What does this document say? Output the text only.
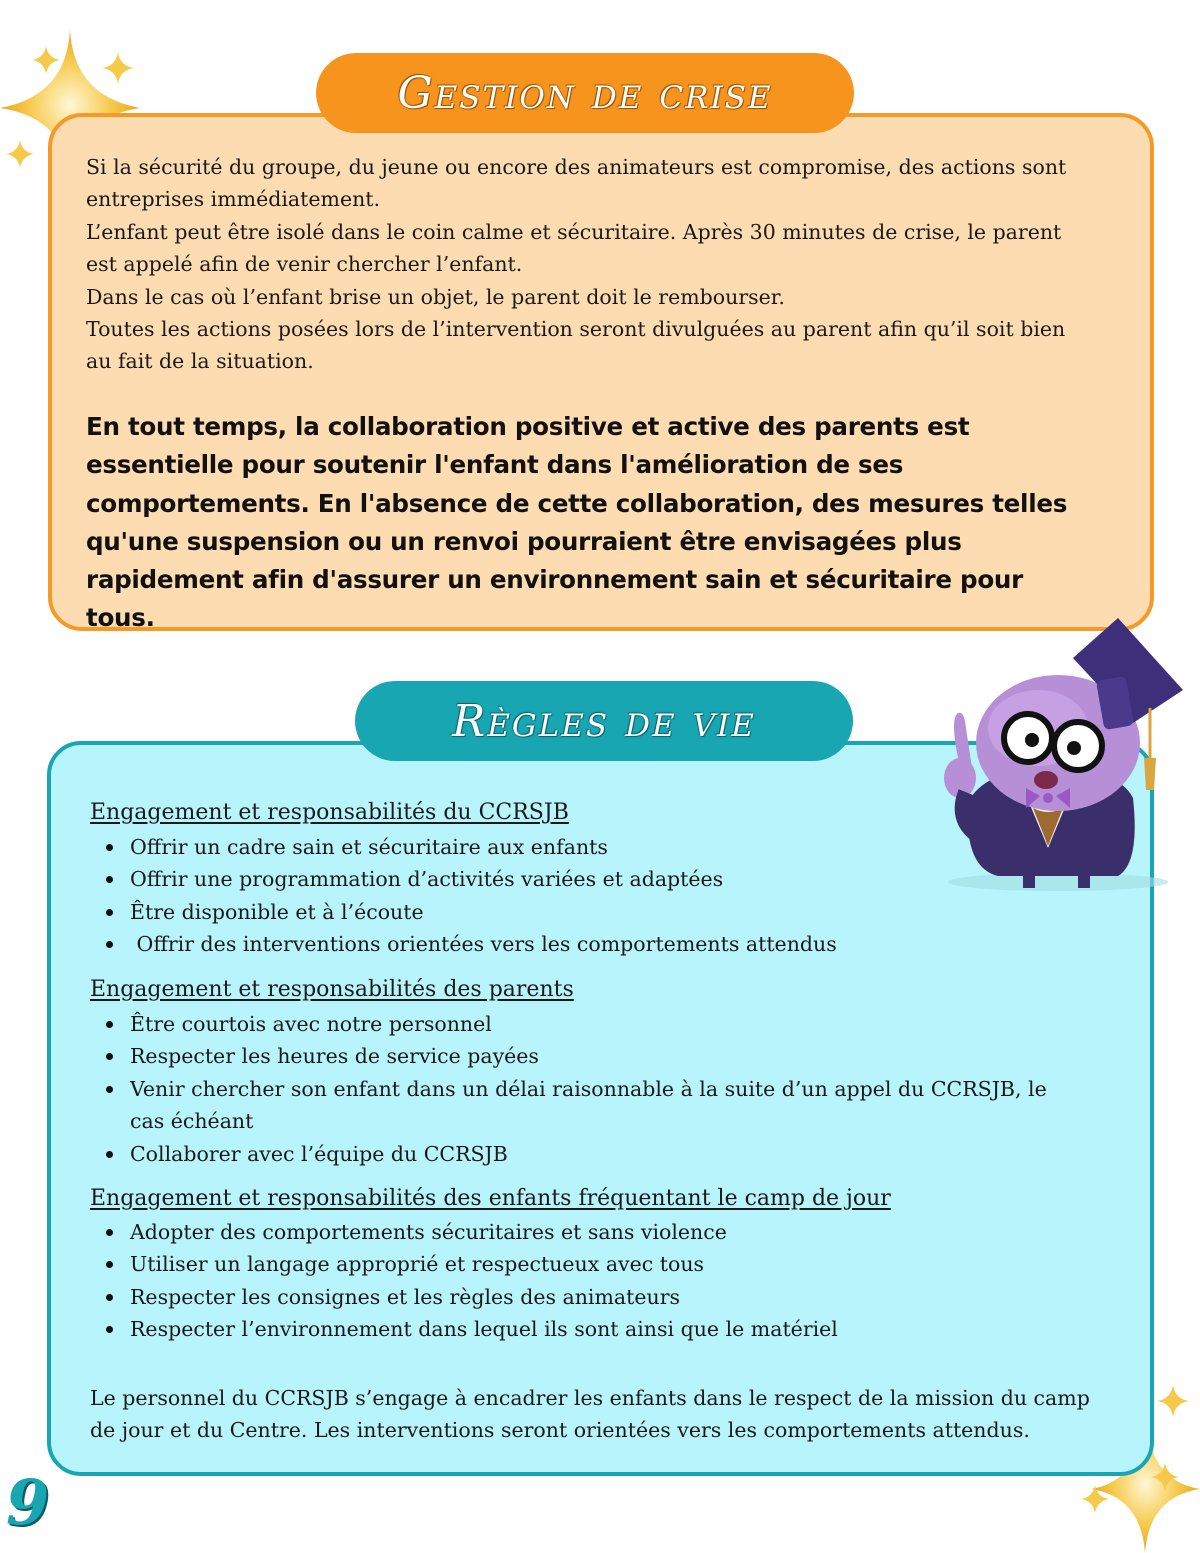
Gestion de crise

Si la sécurité du groupe, du jeune ou encore des animateurs est compromise, des actions sont entreprises immédiatement.

L’enfant peut être isolé dans le coin calme et sécuritaire. Après 30 minutes de crise, le parent est appelé afin de venir chercher l’enfant.

Dans le cas où l’enfant brise un objet, le parent doit le rembourser.

Toutes les actions posées lors de l’intervention seront divulguées au parent afin qu’il soit bien au fait de la situation.

En tout temps, la collaboration positive et active des parents est essentielle pour soutenir l'enfant dans l'amélioration de ses comportements. En l'absence de cette collaboration, des mesures telles qu'une suspension ou un renvoi pourraient être envisagées plus rapidement afin d'assurer un environnement sain et sécuritaire pour tous.

Règles de vie

Engagement et responsabilités du CCRSJB

Offrir un cadre sain et sécuritaire aux enfants
Offrir une programmation d’activités variées et adaptées
Être disponible et à l’écoute
Offrir des interventions orientées vers les comportements attendus

Engagement et responsabilités des parents

Être courtois avec notre personnel
Respecter les heures de service payées
Venir chercher son enfant dans un délai raisonnable à la suite d’un appel du CCRSJB, le cas échéant
Collaborer avec l’équipe du CCRSJB

Engagement et responsabilités des enfants fréquentant le camp de jour

Adopter des comportements sécuritaires et sans violence
Utiliser un langage approprié et respectueux avec tous
Respecter les consignes et les règles des animateurs
Respecter l’environnement dans lequel ils sont ainsi que le matériel

Le personnel du CCRSJB s’engage à encadrer les enfants dans le respect de la mission du camp de jour et du Centre. Les interventions seront orientées vers les comportements attendus.

9
